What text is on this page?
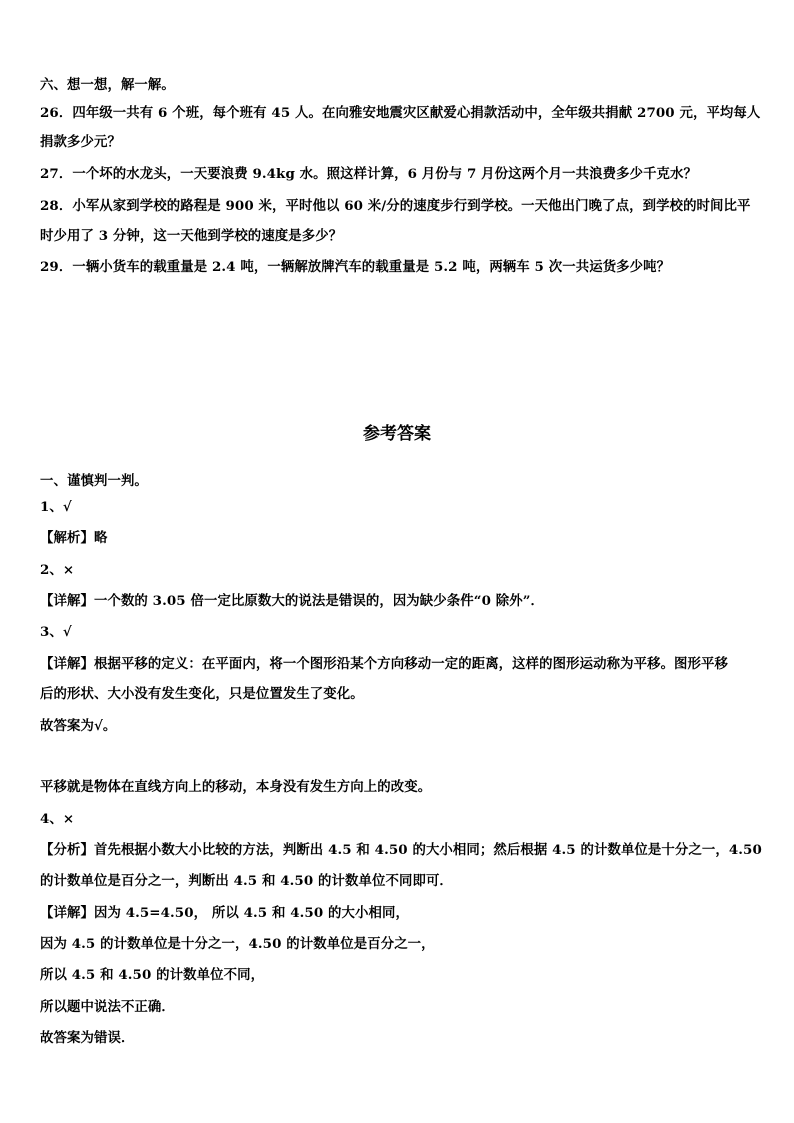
六、想一想，解一解。
26．四年级一共有 6 个班，每个班有 45 人。在向雅安地震灾区献爱心捐款活动中，全年级共捐献 2700 元，平均每人
捐款多少元？
27．一个坏的水龙头，一天要浪费 9.4kg 水。照这样计算，6 月份与 7 月份这两个月一共浪费多少千克水？
28．小军从家到学校的路程是 900 米，平时他以 60 米/分的速度步行到学校。一天他出门晚了点，到学校的时间比平
时少用了 3 分钟，这一天他到学校的速度是多少？
29．一辆小货车的载重量是 2.4 吨，一辆解放牌汽车的载重量是 5.2 吨，两辆车 5 次一共运货多少吨？
参考答案
一、谨慎判一判。
1、√
【解析】略
2、×
【详解】一个数的 3.05 倍一定比原数大的说法是错误的，因为缺少条件“0 除外”．
3、√
【详解】根据平移的定义：在平面内，将一个图形沿某个方向移动一定的距离，这样的图形运动称为平移。图形平移
后的形状、大小没有发生变化，只是位置发生了变化。
故答案为√。
平移就是物体在直线方向上的移动，本身没有发生方向上的改变。
4、×
【分析】首先根据小数大小比较的方法，判断出 4.5 和 4.50 的大小相同；然后根据 4.5 的计数单位是十分之一，4.50
的计数单位是百分之一，判断出 4.5 和 4.50 的计数单位不同即可．
【详解】因为 4.5=4.50， 所以 4.5 和 4.50 的大小相同，
因为 4.5 的计数单位是十分之一，4.50 的计数单位是百分之一，
所以 4.5 和 4.50 的计数单位不同，
所以题中说法不正确．
故答案为错误．
